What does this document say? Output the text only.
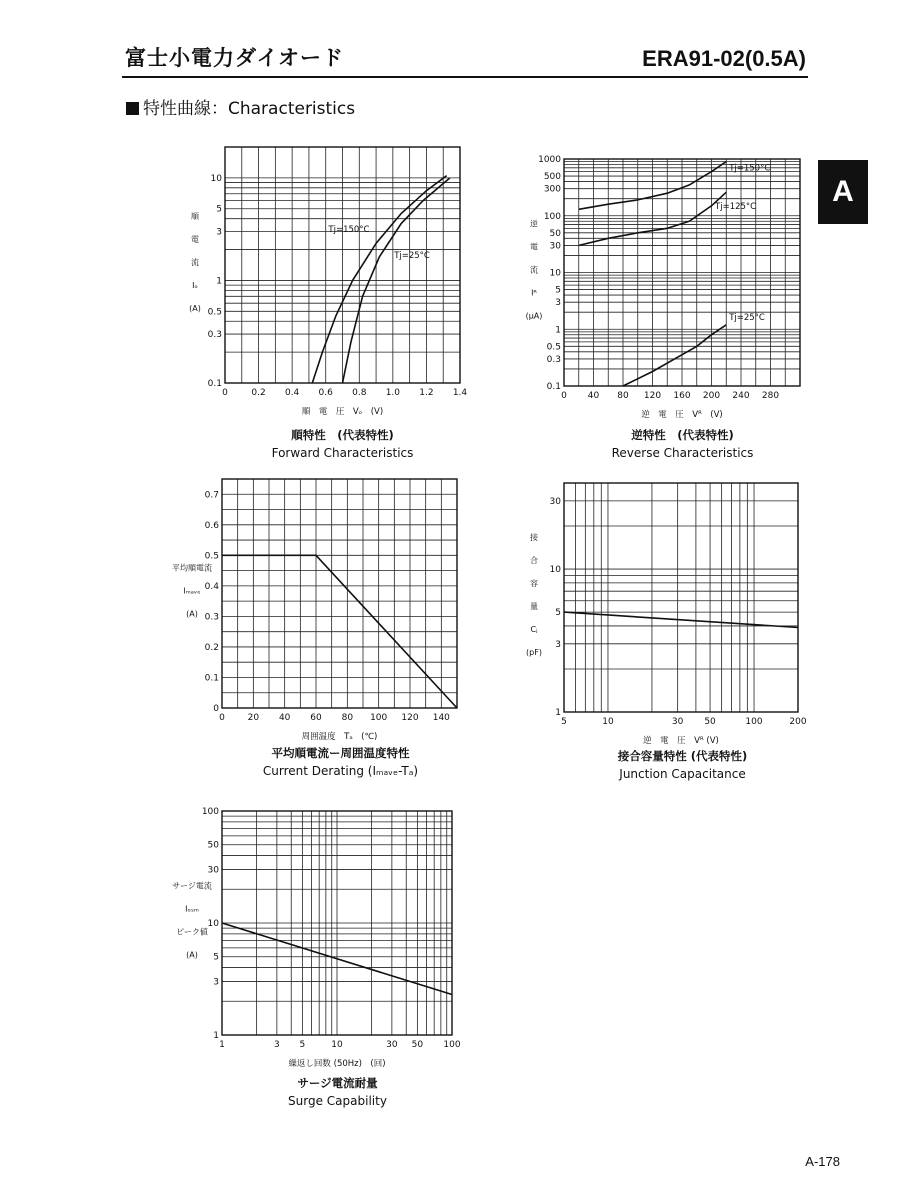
富士小電力ダイオード	ERA91-02(0.5A)
特性曲線：Characteristics
A
0	0.2 0.4 0.6 0.8 1.0 1.2 1.4
0.1
0.3
0.5
1
3
5
10
順　電　圧　Vₒ　(V)
順
電
流
Iₒ
(A)
Tj=150°C
Tj=25°C
順特性　(代表特性)
Forward Characteristics
0 40 80 120 160 200 240 280
0.1
0.3
0.5
1
3
5
10
30
50
100
300
500
1000
逆　電　圧　Vᴿ　(V)
逆
電
流
Iᴿ
(μA)
Tj=150°C
Tj=125°C
Tj=25°C
逆特性　(代表特性)
Reverse Characteristics
0	20 40 60 80 100 120 140
0
0.1
0.2
0.3
0.4
0.5
0.6
0.7
周囲温度　Tₐ　(℃)
平均順電流
Iₘₐᵥₑ
(A)
平均順電流ー周囲温度特性
Current Derating (Iₘₐᵥₑ-Tₐ)
5	10	30 50	100	200
1
3
5
10
30
逆　電　圧　Vᴿ (V)
接
合
容
量
Cⱼ
(pF)
接合容量特性 (代表特性)
Junction Capacitance
1	3 5	10	30 50 100
1
3
5
10
30
50
100
繰返し回数 (50Hz)　(回)
サージ電流
Iₒₛₘ
ピーク値
(A)
サージ電流耐量
Surge Capability
A-178
